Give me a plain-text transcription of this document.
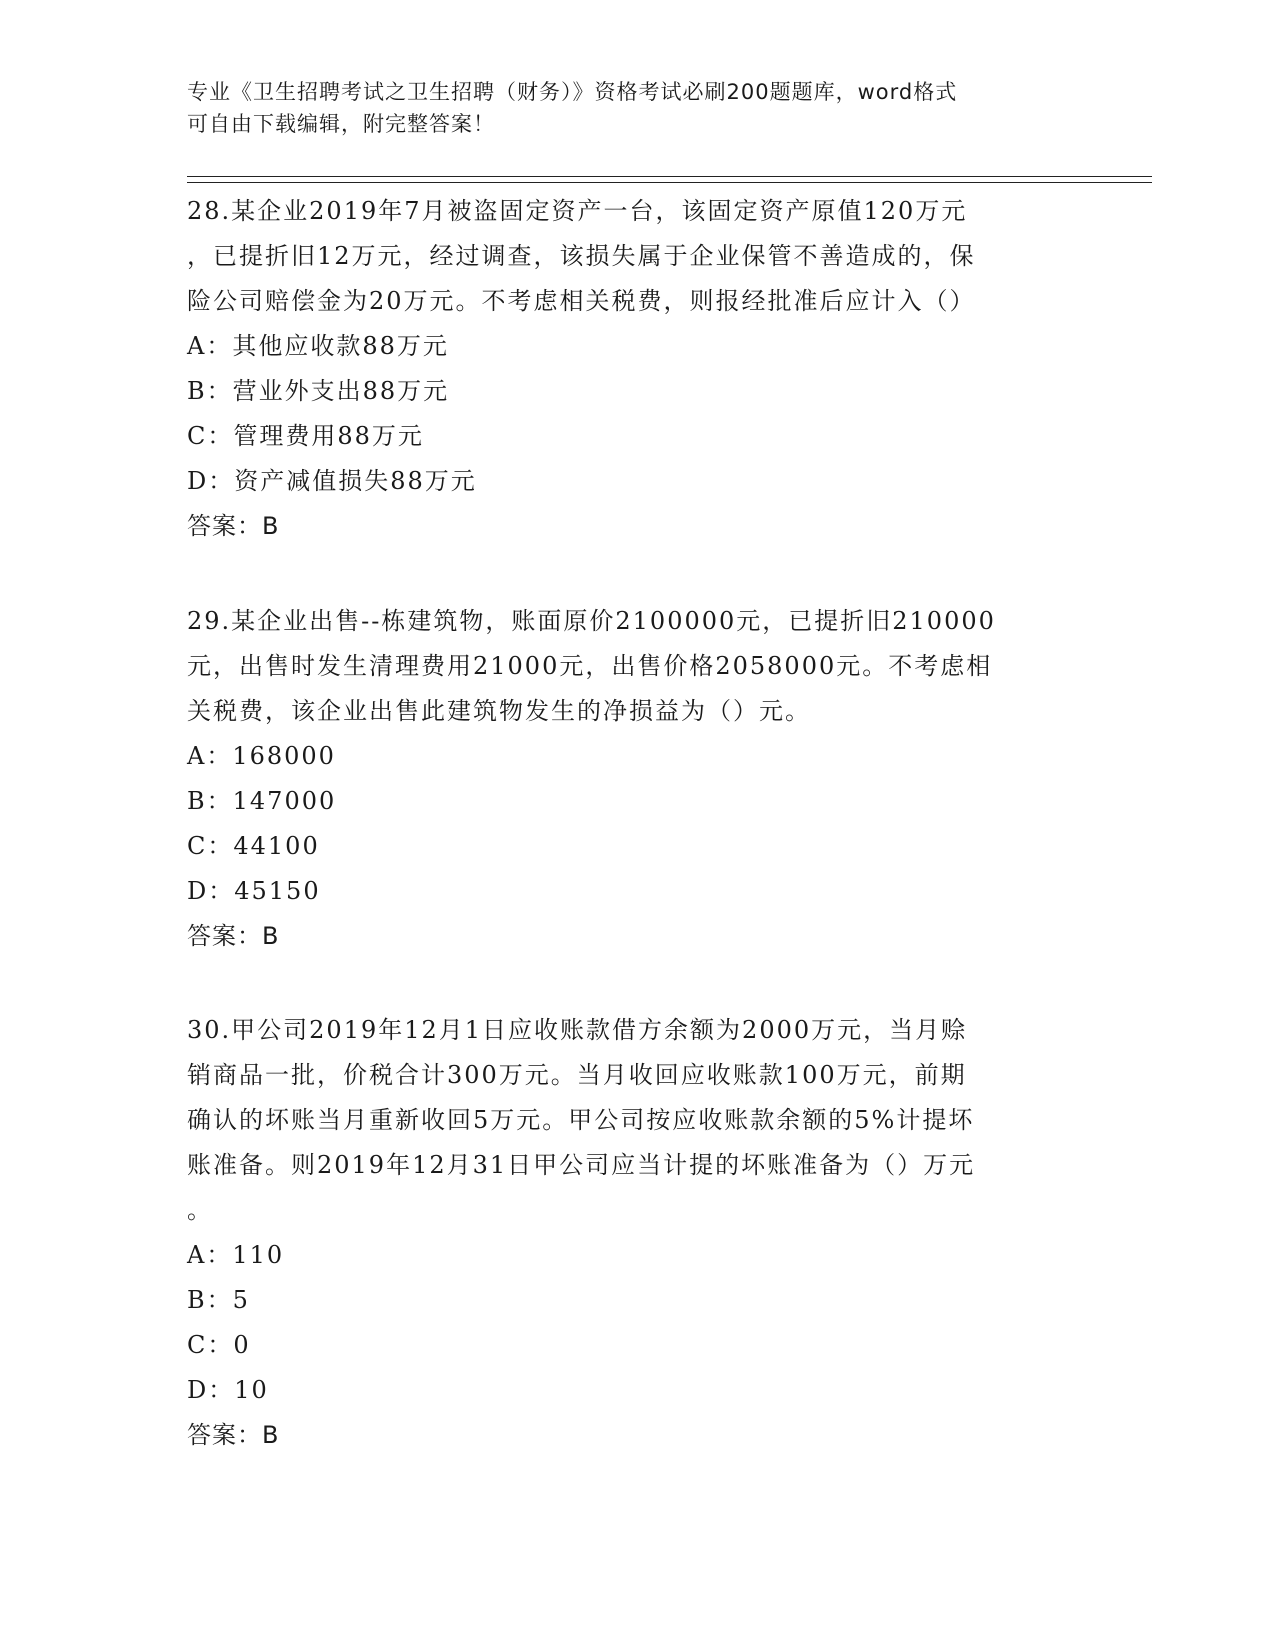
专业《卫生招聘考试之卫生招聘（财务）》资格考试必刷200题题库，word格式
可自由下载编辑，附完整答案！
28.某企业2019年7月被盗固定资产一台，该固定资产原值120万元
，已提折旧12万元，经过调查，该损失属于企业保管不善造成的，保
险公司赔偿金为20万元。不考虑相关税费，则报经批准后应计入（）
A：其他应收款88万元
B：营业外支出88万元
C：管理费用88万元
D：资产减值损失88万元
答案：B
29.某企业出售--栋建筑物，账面原价2100000元，已提折旧210000
元，出售时发生清理费用21000元，出售价格2058000元。不考虑相
关税费，该企业出售此建筑物发生的净损益为（）元。
A：168000
B：147000
C：44100
D：45150
答案：B
30.甲公司2019年12月1日应收账款借方余额为2000万元，当月赊
销商品一批，价税合计300万元。当月收回应收账款100万元，前期
确认的坏账当月重新收回5万元。甲公司按应收账款余额的5%计提坏
账准备。则2019年12月31日甲公司应当计提的坏账准备为（）万元
。
A：110
B：5
C：0
D：10
答案：B
